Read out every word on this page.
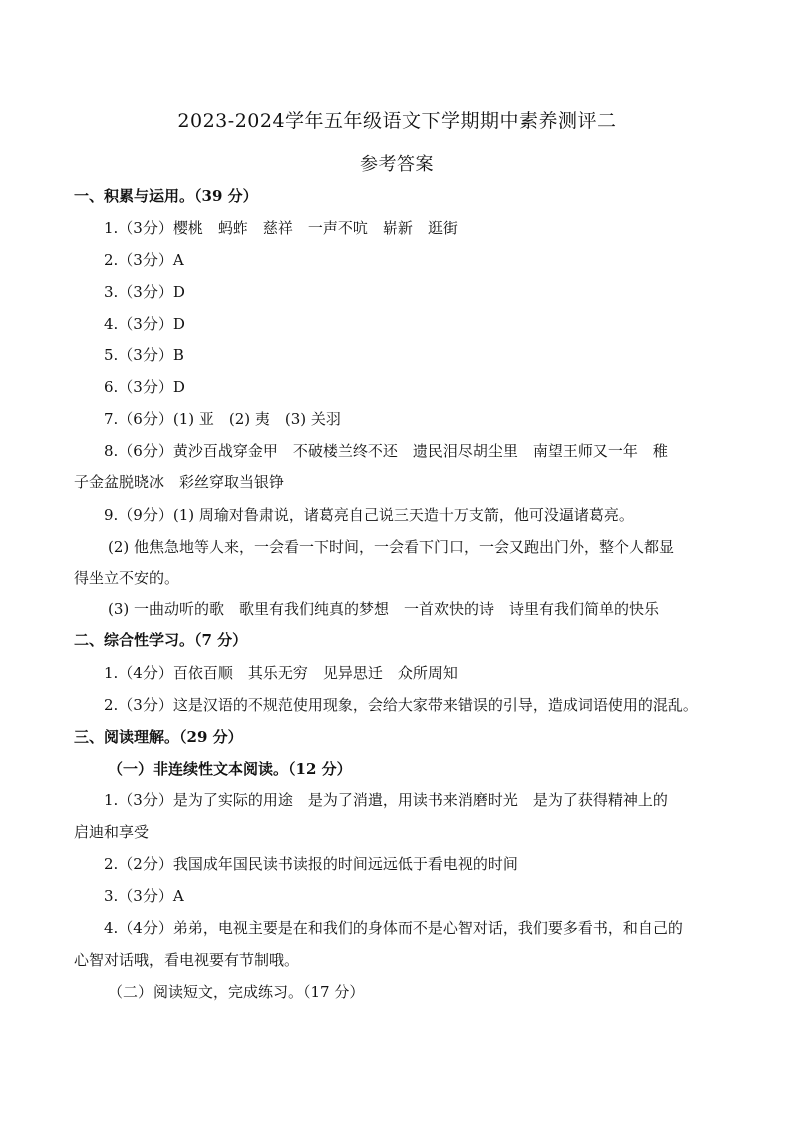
2023-2024学年五年级语文下学期期中素养测评二
参考答案
一、积累与运用。（39 分）
1.（3分）樱桃　蚂蚱　慈祥　一声不吭　崭新　逛街
2.（3分）A
3.（3分）D
4.（3分）D
5.（3分）B
6.（3分）D
7.（6分）(1) 亚　(2) 夷　(3) 关羽
8.（6分）黄沙百战穿金甲　不破楼兰终不还　遗民泪尽胡尘里　南望王师又一年　稚
子金盆脱晓冰　彩丝穿取当银铮
9.（9分）(1) 周瑜对鲁肃说，诸葛亮自己说三天造十万支箭，他可没逼诸葛亮。
(2) 他焦急地等人来，一会看一下时间，一会看下门口，一会又跑出门外，整个人都显
得坐立不安的。
(3) 一曲动听的歌　歌里有我们纯真的梦想　一首欢快的诗　诗里有我们简单的快乐
二、综合性学习。（7 分）
1.（4分）百依百顺　其乐无穷　见异思迁　众所周知
2.（3分）这是汉语的不规范使用现象，会给大家带来错误的引导，造成词语使用的混乱。
三、阅读理解。（29 分）
（一）非连续性文本阅读。（12 分）
1.（3分）是为了实际的用途　是为了消遣，用读书来消磨时光　是为了获得精神上的
启迪和享受
2.（2分）我国成年国民读书读报的时间远远低于看电视的时间
3.（3分）A
4.（4分）弟弟，电视主要是在和我们的身体而不是心智对话，我们要多看书，和自己的
心智对话哦，看电视要有节制哦。
（二）阅读短文，完成练习。（17 分）
